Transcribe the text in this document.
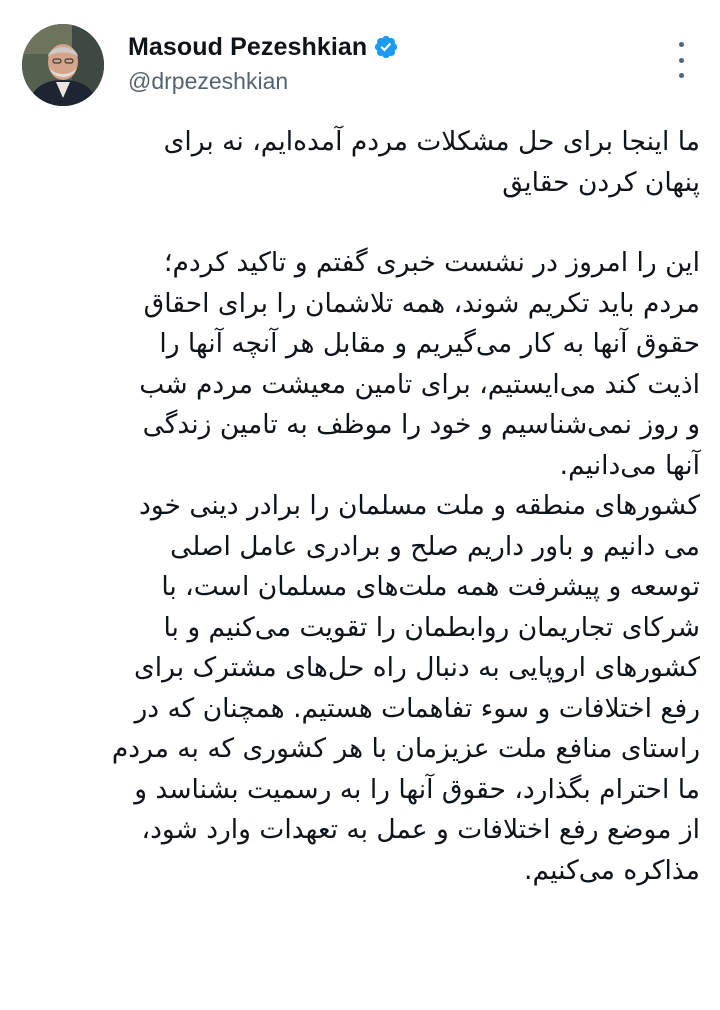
Masoud Pezeshkian
@drpezeshkian

ما اینجا برای حل مشکلات مردم آمده‌ایم، نه برای
پنهان کردن حقایق

این را امروز در نشست خبری گفتم و تاکید کردم؛
مردم باید تکریم شوند، همه تلاشمان را برای احقاق
حقوق آنها به کار می‌گیریم و مقابل هر آنچه آنها را
اذیت کند می‌ایستیم، برای تامین معیشت مردم شب
و روز نمی‌شناسیم و خود را موظف به تامین زندگی
آنها می‌دانیم.
کشورهای منطقه و ملت مسلمان را برادر دینی خود
می دانیم و باور داریم صلح و برادری عامل اصلی
توسعه و پیشرفت همه ملت‌های مسلمان است، با
شرکای تجاریمان روابطمان را تقویت می‌کنیم و با
کشورهای اروپایی به دنبال راه حل‌های مشترک برای
رفع اختلافات و سوء تفاهمات هستیم. همچنان که در
راستای منافع ملت عزیزمان با هر کشوری که به مردم
ما احترام بگذارد، حقوق آنها را به رسمیت بشناسد و
از موضع رفع اختلافات و عمل به تعهدات وارد شود،
مذاکره می‌کنیم.
